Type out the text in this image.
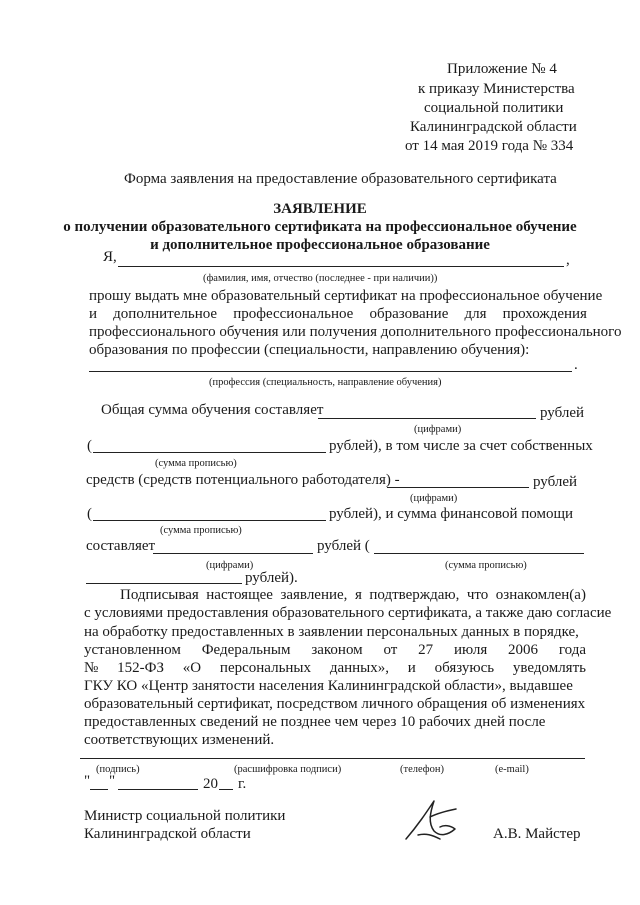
Приложение № 4
к приказу Министерства
социальной политики
Калининградской области
от 14 мая 2019 года № 334
Форма заявления на предоставление образовательного сертификата
ЗАЯВЛЕНИЕ
о получении образовательного сертификата на профессиональное обучение
и дополнительное профессиональное образование
Я,	,
(фамилия, имя, отчество (последнее - при наличии))
прошу выдать мне образовательный сертификат на профессиональное обучение
и дополнительное профессиональное образование для прохождения
профессионального обучения или получения дополнительного профессионального
образования по профессии (специальности, направлению обучения):
.
(профессия (специальность, направление обучения)
Общая сумма обучения составляет	рублей
(цифрами)
(	рублей), в том числе за счет собственных
(сумма прописью)
средств (средств потенциального работодателя) -	рублей
(цифрами)
(	рублей), и сумма финансовой помощи
(сумма прописью)
составляет	рублей (
(цифрами)	(сумма прописью)
рублей).
Подписывая настоящее заявление, я подтверждаю, что ознакомлен(а)
с условиями предоставления образовательного сертификата, а также даю согласие
на обработку предоставленных в заявлении персональных данных в порядке,
установленном Федеральным законом от 27 июля 2006 года
№ 152-ФЗ «О персональных данных», и обязуюсь уведомлять
ГКУ КО «Центр занятости населения Калининградской области», выдавшее
образовательный сертификат, посредством личного обращения об изменениях
предоставленных сведений не позднее чем через 10 рабочих дней после
соответствующих изменений.
(подпись)	(расшифровка подписи)	(телефон)	(e-mail)
" "	20 г.
Министр социальной политики
Калининградской области	А.В. Майстер
